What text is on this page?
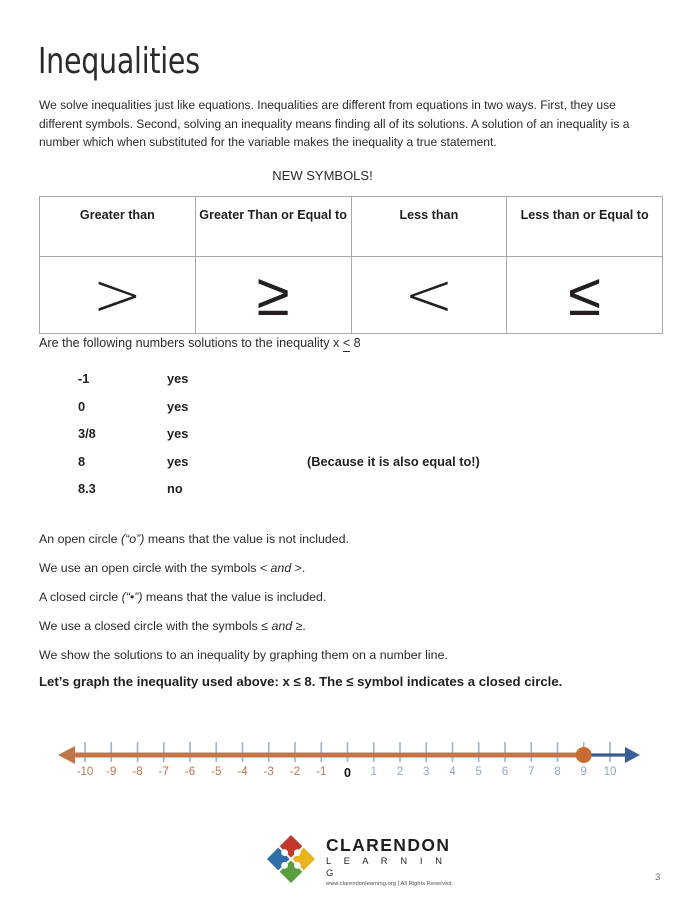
Inequalities
We solve inequalities just like equations. Inequalities are different from equations in two ways. First, they use different symbols. Second, solving an inequality means finding all of its solutions. A solution of an inequality is a number which when substituted for the variable makes the inequality a true statement.
NEW SYMBOLS!
Greater than	Greater Than or Equal to	Less than	Less than or Equal to

>	≥	<	≤
Are the following numbers solutions to the inequality x < 8
-1	yes
0	yes
3/8	yes
8	yes	(Because it is also equal to!)
8.3	no
An open circle (“o”) means that the value is not included.
We use an open circle with the symbols < and >.
A closed circle (“•”) means that the value is included.
We use a closed circle with the symbols ≤ and ≥.
We show the solutions to an inequality by graphing them on a number line.
Let’s graph the inequality used above: x ≤ 8. The ≤ symbol indicates a closed circle.
-10 -9 -8 -7 -6 -5 -4 -3 -2 -1 0 1 2 3 4 5 6 7 8 9 10
CLARENDON
L E A R N I N G
www.clarendonlearning.org | All Rights Reserved.
3
